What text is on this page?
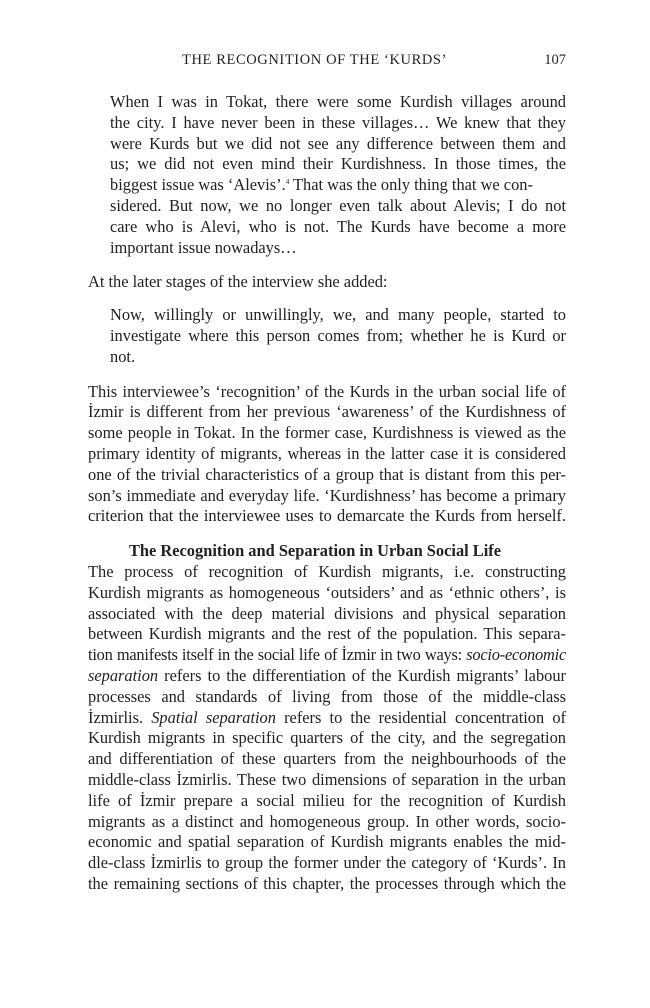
THE RECOGNITION OF THE ‘KURDS’	107
When I was in Tokat, there were some Kurdish villages around
the city. I have never been in these villages… We knew that they
were Kurds but we did not see any difference between them and
us; we did not even mind their Kurdishness. In those times, the
biggest issue was ‘Alevis’.$^4$ That was the only thing that we con-
sidered. But now, we no longer even talk about Alevis; I do not
care who is Alevi, who is not. The Kurds have become a more
important issue nowadays…
At the later stages of the interview she added:
Now, willingly or unwillingly, we, and many people, started to
investigate where this person comes from; whether he is Kurd or
not.
This interviewee’s ‘recognition’ of the Kurds in the urban social life of
İzmir is different from her previous ‘awareness’ of the Kurdishness of
some people in Tokat. In the former case, Kurdishness is viewed as the
primary identity of migrants, whereas in the latter case it is considered
one of the trivial characteristics of a group that is distant from this per-
son’s immediate and everyday life. ‘Kurdishness’ has become a primary
criterion that the interviewee uses to demarcate the Kurds from herself.
The Recognition and Separation in Urban Social Life
The process of recognition of Kurdish migrants, i.e. constructing
Kurdish migrants as homogeneous ‘outsiders’ and as ‘ethnic others’, is
associated with the deep material divisions and physical separation
between Kurdish migrants and the rest of the population. This separa-
tion manifests itself in the social life of İzmir in two ways: socio-economic
separation refers to the differentiation of the Kurdish migrants’ labour
processes and standards of living from those of the middle-class
İzmirlis. Spatial separation refers to the residential concentration of
Kurdish migrants in specific quarters of the city, and the segregation
and differentiation of these quarters from the neighbourhoods of the
middle-class İzmirlis. These two dimensions of separation in the urban
life of İzmir prepare a social milieu for the recognition of Kurdish
migrants as a distinct and homogeneous group. In other words, socio-
economic and spatial separation of Kurdish migrants enables the mid-
dle-class İzmirlis to group the former under the category of ‘Kurds’. In
the remaining sections of this chapter, the processes through which the
